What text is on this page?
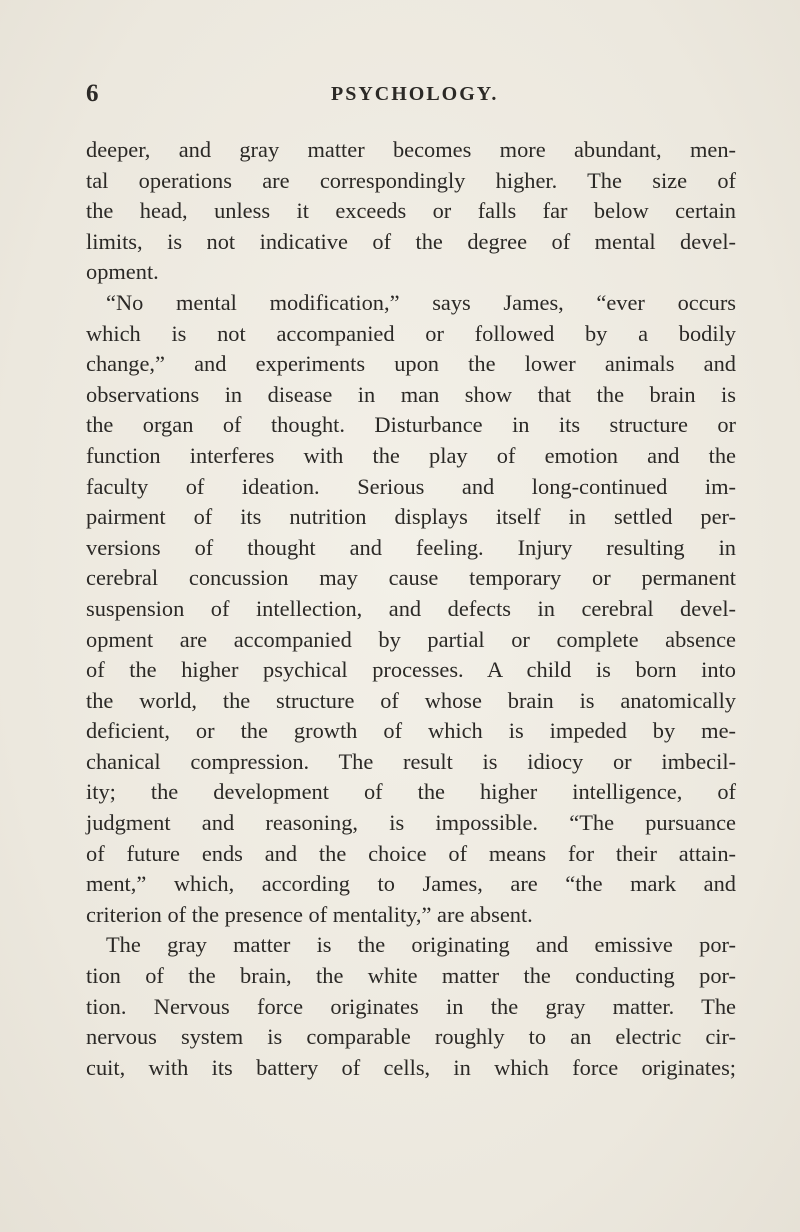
6	PSYCHOLOGY.
deeper, and gray matter becomes more abundant, men-
tal operations are correspondingly higher. The size of
the head, unless it exceeds or falls far below certain
limits, is not indicative of the degree of mental devel-
opment.
“No mental modification,” says James, “ever occurs
which is not accompanied or followed by a bodily
change,” and experiments upon the lower animals and
observations in disease in man show that the brain is
the organ of thought. Disturbance in its structure or
function interferes with the play of emotion and the
faculty of ideation. Serious and long-continued im-
pairment of its nutrition displays itself in settled per-
versions of thought and feeling. Injury resulting in
cerebral concussion may cause temporary or permanent
suspension of intellection, and defects in cerebral devel-
opment are accompanied by partial or complete absence
of the higher psychical processes. A child is born into
the world, the structure of whose brain is anatomically
deficient, or the growth of which is impeded by me-
chanical compression. The result is idiocy or imbecil-
ity; the development of the higher intelligence, of
judgment and reasoning, is impossible. “The pursuance
of future ends and the choice of means for their attain-
ment,” which, according to James, are “the mark and
criterion of the presence of mentality,” are absent.
The gray matter is the originating and emissive por-
tion of the brain, the white matter the conducting por-
tion. Nervous force originates in the gray matter. The
nervous system is comparable roughly to an electric cir-
cuit, with its battery of cells, in which force originates;
